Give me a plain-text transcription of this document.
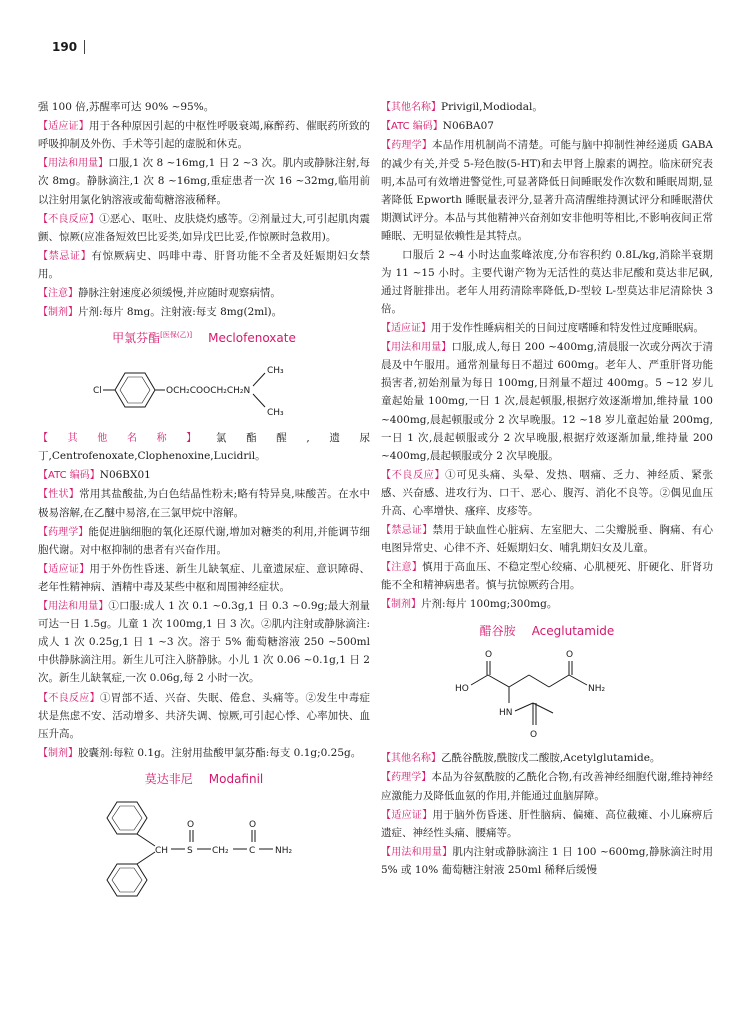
190

强 100 倍,苏醒率可达 90% ~95%。

【 适应证 】 用于各种原因引起的中枢性呼吸衰竭,麻醉药、催眠药所致的呼吸抑制及外伤、手术等引起的虚脱和休克。

【 用法和用量 】 口服,1 次 8 ~16mg,1 日 2 ~3 次。肌内或静脉注射,每次 8mg。静脉滴注,1 次 8 ~16mg,重症患者一次 16 ~32mg,临用前以注射用氯化钠溶液或葡萄糖溶液稀释。

【 不良反应 】 ①恶心、呕吐、皮肤烧灼感等。②剂量过大,可引起肌肉震颤、惊厥(应准备短效巴比妥类,如异戊巴比妥,作惊厥时急救用)。

【 禁忌证 】 有惊厥病史、吗啡中毒、肝肾功能不全者及妊娠期妇女禁用。

【 注意 】 静脉注射速度必须缓慢,并应随时观察病情。

【 制剂 】 片剂:每片 8mg。注射液:每支 8mg(2ml)。

甲氯芬酯[医保(乙)] Meclofenoxate
Cl	OCH₂COOCH₂CH₂N
CH₃
CH₃

【 其他名称 】	氯酯醒,遗尿丁,Centrofenoxate,Clophenoxine,Lucidril。

【 ATC 编码 】 N06BX01

【 性状 】 常用其盐酸盐,为白色结晶性粉末;略有特异臭,味酸苦。在水中极易溶解,在乙醚中易溶,在三氯甲烷中溶解。

【 药理学 】 能促进脑细胞的氧化还原代谢,增加对糖类的利用,并能调节细胞代谢。对中枢抑制的患者有兴奋作用。

【 适应证 】 用于外伤性昏迷、新生儿缺氧症、儿童遗尿症、意识障碍、老年性精神病、酒精中毒及某些中枢和周围神经症状。

【 用法和用量 】 ①口服:成人 1 次 0.1 ~0.3g,1 日 0.3 ~0.9g;最大剂量可达一日 1.5g。儿童 1 次 100mg,1 日 3 次。②肌内注射或静脉滴注:成人 1 次 0.25g,1 日 1 ~3 次。溶于 5% 葡萄糖溶液 250 ~500ml 中供静脉滴注用。新生儿可注入脐静脉。小儿 1 次 0.06 ~0.1g,1 日 2 次。新生儿缺氧症,一次 0.06g,每 2 小时一次。

【 不良反应 】 ①胃部不适、兴奋、失眠、倦怠、头痛等。②发生中毒症状是焦虑不安、活动增多、共济失调、惊厥,可引起心悸、心率加快、血压升高。

【 制剂 】 胶囊剂:每粒 0.1g。注射用盐酸甲氯芬酯:每支 0.1g;0.25g。

莫达非尼 Modafinil
CH S
O
CH₂ C
O
NH₂

【 其他名称 】 Privigil,Modiodal。

【 ATC 编码 】 N06BA07

【 药理学 】 本品作用机制尚不清楚。可能与脑中抑制性神经递质 GABA 的减少有关,并受 5-羟色胺(5-HT)和去甲肾上腺素的调控。临床研究表明,本品可有效增进警觉性,可显著降低日间睡眠发作次数和睡眠周期,显著降低 Epworth 睡眠量表评分,显著升高清醒维持测试评分和睡眠潜伏期测试评分。本品与其他精神兴奋剂如安非他明等相比,不影响夜间正常睡眠、无明显依赖性是其特点。

口服后 2 ~4 小时达血浆峰浓度,分布容积约 0.8L/kg,消除半衰期为 11 ~15 小时。主要代谢产物为无活性的莫达非尼酸和莫达非尼砜,通过肾脏排出。老年人用药清除率降低,D-型较 L-型莫达非尼清除快 3 倍。

【 适应证 】 用于发作性睡病相关的日间过度嗜睡和特发性过度睡眠病。

【 用法和用量 】 口服,成人,每日 200 ~400mg,清晨服一次或分两次于清晨及中午服用。通常剂量每日不超过 600mg。老年人、严重肝肾功能损害者,初始剂量为每日 100mg,日剂量不超过 400mg。5 ~12 岁儿童起始量 100mg,一日 1 次,晨起顿服,根据疗效逐渐增加,维持量 100 ~400mg,晨起顿服或分 2 次早晚服。12 ~18 岁儿童起始量 200mg,一日 1 次,晨起顿服或分 2 次早晚服,根据疗效逐渐加量,维持量 200 ~400mg,晨起顿服或分 2 次早晚服。

【 不良反应 】 ①可见头痛、头晕、发热、咽痛、乏力、神经质、紧张感、兴奋感、进攻行为、口干、恶心、腹泻、消化不良等。②偶见血压升高、心率增快、瘙痒、皮疹等。

【 禁忌证 】 禁用于缺血性心脏病、左室肥大、二尖瓣脱垂、胸痛、有心电图异常史、心律不齐、妊娠期妇女、哺乳期妇女及儿童。

【 注意 】 慎用于高血压、不稳定型心绞痛、心肌梗死、肝硬化、肝肾功能不全和精神病患者。慎与抗惊厥药合用。

【 制剂 】 片剂:每片 100mg;300mg。

醋谷胺 Aceglutamide
O
HO
O
NH₂
HN
O

【 其他名称 】 乙酰谷酰胺,酰胺戊二酸胺,Acetylglutamide。

【 药理学 】 本品为谷氨酰胺的乙酰化合物,有改善神经细胞代谢,维持神经应激能力及降低血氨的作用,并能通过血脑屏障。

【 适应证 】 用于脑外伤昏迷、肝性脑病、偏瘫、高位截瘫、小儿麻痹后遗症、神经性头痛、腰痛等。

【 用法和用量 】 肌内注射或静脉滴注 1 日 100 ~600mg,静脉滴注时用 5% 或 10% 葡萄糖注射液 250ml 稀释后缓慢
